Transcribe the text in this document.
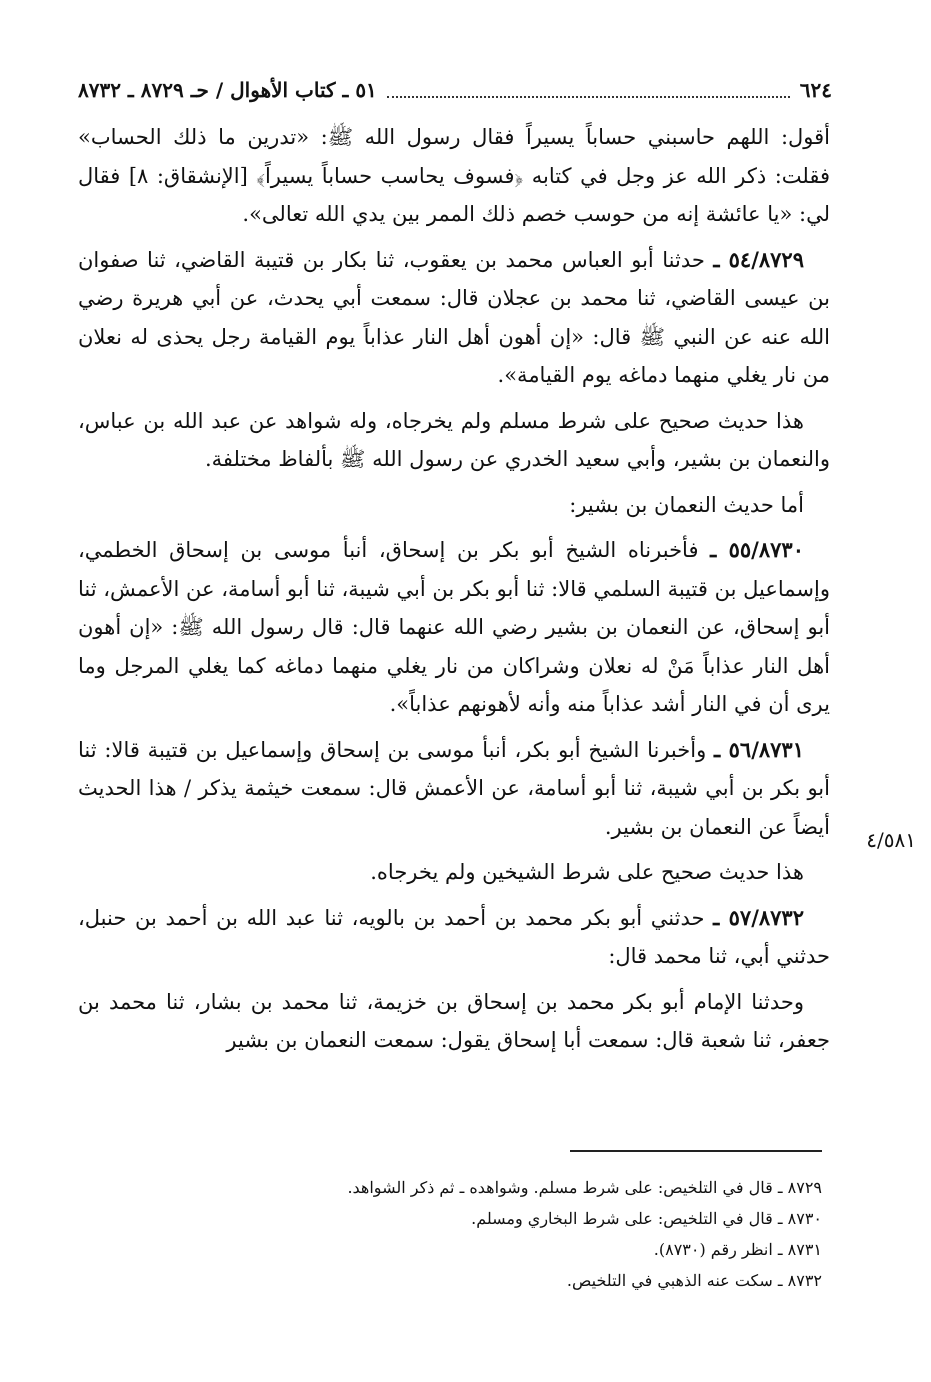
٦٢٤
٥١ ـ كتاب الأهوال / حـ ٨٧٢٩ ـ ٨٧٣٢

أقول: اللهم حاسبني حساباً يسيراً فقال رسول الله ﷺ: «تدرين ما ذلك الحساب» فقلت: ذكر الله عز وجل في كتابه ﴿فسوف يحاسب حساباً يسيراً﴾ [الإنشقاق: ٨] فقال لي: «يا عائشة إنه من حوسب خصم ذلك الممر بين يدي الله تعالى».

٥٤/٨٧٢٩ ـ حدثنا أبو العباس محمد بن يعقوب، ثنا بكار بن قتيبة القاضي، ثنا صفوان بن عيسى القاضي، ثنا محمد بن عجلان قال: سمعت أبي يحدث، عن أبي هريرة رضي الله عنه عن النبي ﷺ قال: «إن أهون أهل النار عذاباً يوم القيامة رجل يحذى له نعلان من نار يغلي منهما دماغه يوم القيامة».

هذا حديث صحيح على شرط مسلم ولم يخرجاه، وله شواهد عن عبد الله بن عباس، والنعمان بن بشير، وأبي سعيد الخدري عن رسول الله ﷺ بألفاظ مختلفة.

أما حديث النعمان بن بشير:

٥٥/٨٧٣٠ ـ فأخبرناه الشيخ أبو بكر بن إسحاق، أنبأ موسى بن إسحاق الخطمي، وإسماعيل بن قتيبة السلمي قالا: ثنا أبو بكر بن أبي شيبة، ثنا أبو أسامة، عن الأعمش، ثنا أبو إسحاق، عن النعمان بن بشير رضي الله عنهما قال: قال رسول الله ﷺ: «إن أهون أهل النار عذاباً مَنْ له نعلان وشراكان من نار يغلي منهما دماغه كما يغلي المرجل وما يرى أن في النار أشد عذاباً منه وأنه لأهونهم عذاباً».

٥٦/٨٧٣١ ـ وأخبرنا الشيخ أبو بكر، أنبأ موسى بن إسحاق وإسماعيل بن قتيبة قالا: ثنا أبو بكر بن أبي شيبة، ثنا أبو أسامة، عن الأعمش قال: سمعت خيثمة يذكر / هذا الحديث أيضاً عن النعمان بن بشير.

هذا حديث صحيح على شرط الشيخين ولم يخرجاه.

٥٧/٨٧٣٢ ـ حدثني أبو بكر محمد بن أحمد بن بالويه، ثنا عبد الله بن أحمد بن حنبل، حدثني أبي، ثنا محمد قال:

وحدثنا الإمام أبو بكر محمد بن إسحاق بن خزيمة، ثنا محمد بن بشار، ثنا محمد بن جعفر، ثنا شعبة قال: سمعت أبا إسحاق يقول: سمعت النعمان بن بشير

٤/٥٨١

٨٧٢٩ ـ قال في التلخيص: على شرط مسلم. وشواهده ـ ثم ذكر الشواهد.

٨٧٣٠ ـ قال في التلخيص: على شرط البخاري ومسلم.

٨٧٣١ ـ انظر رقم (٨٧٣٠).

٨٧٣٢ ـ سكت عنه الذهبي في التلخيص.
